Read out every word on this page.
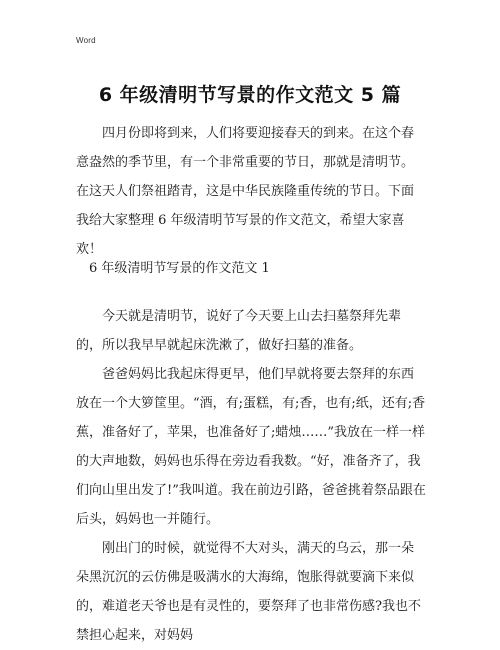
Word
6 年级清明节写景的作文范文 5 篇

四月份即将到来，人们将要迎接春天的到来。在这个春意盎然的季节里，有一个非常重要的节日，那就是清明节。在这天人们祭祖踏青，这是中华民族隆重传统的节日。下面我给大家整理 6 年级清明节写景的作文范文，希望大家喜欢！

6 年级清明节写景的作文范文 1

今天就是清明节，说好了今天要上山去扫墓祭拜先辈的，所以我早早就起床洗漱了，做好扫墓的准备。

爸爸妈妈比我起床得更早，他们早就将要去祭拜的东西放在一个大箩筐里。“酒，有;蛋糕，有;香，也有;纸，还有;香蕉，准备好了，苹果，也准备好了;蜡烛……”我放在一样一样的大声地数，妈妈也乐得在旁边看我数。“好，准备齐了，我们向山里出发了!”我叫道。我在前边引路，爸爸挑着祭品跟在后头，妈妈也一并随行。

刚出门的时候，就觉得不大对头，满天的乌云，那一朵朵黑沉沉的云仿佛是吸满水的大海绵，饱胀得就要滴下来似的，难道老天爷也是有灵性的，要祭拜了也非常伤感?我也不禁担心起来，对妈妈
